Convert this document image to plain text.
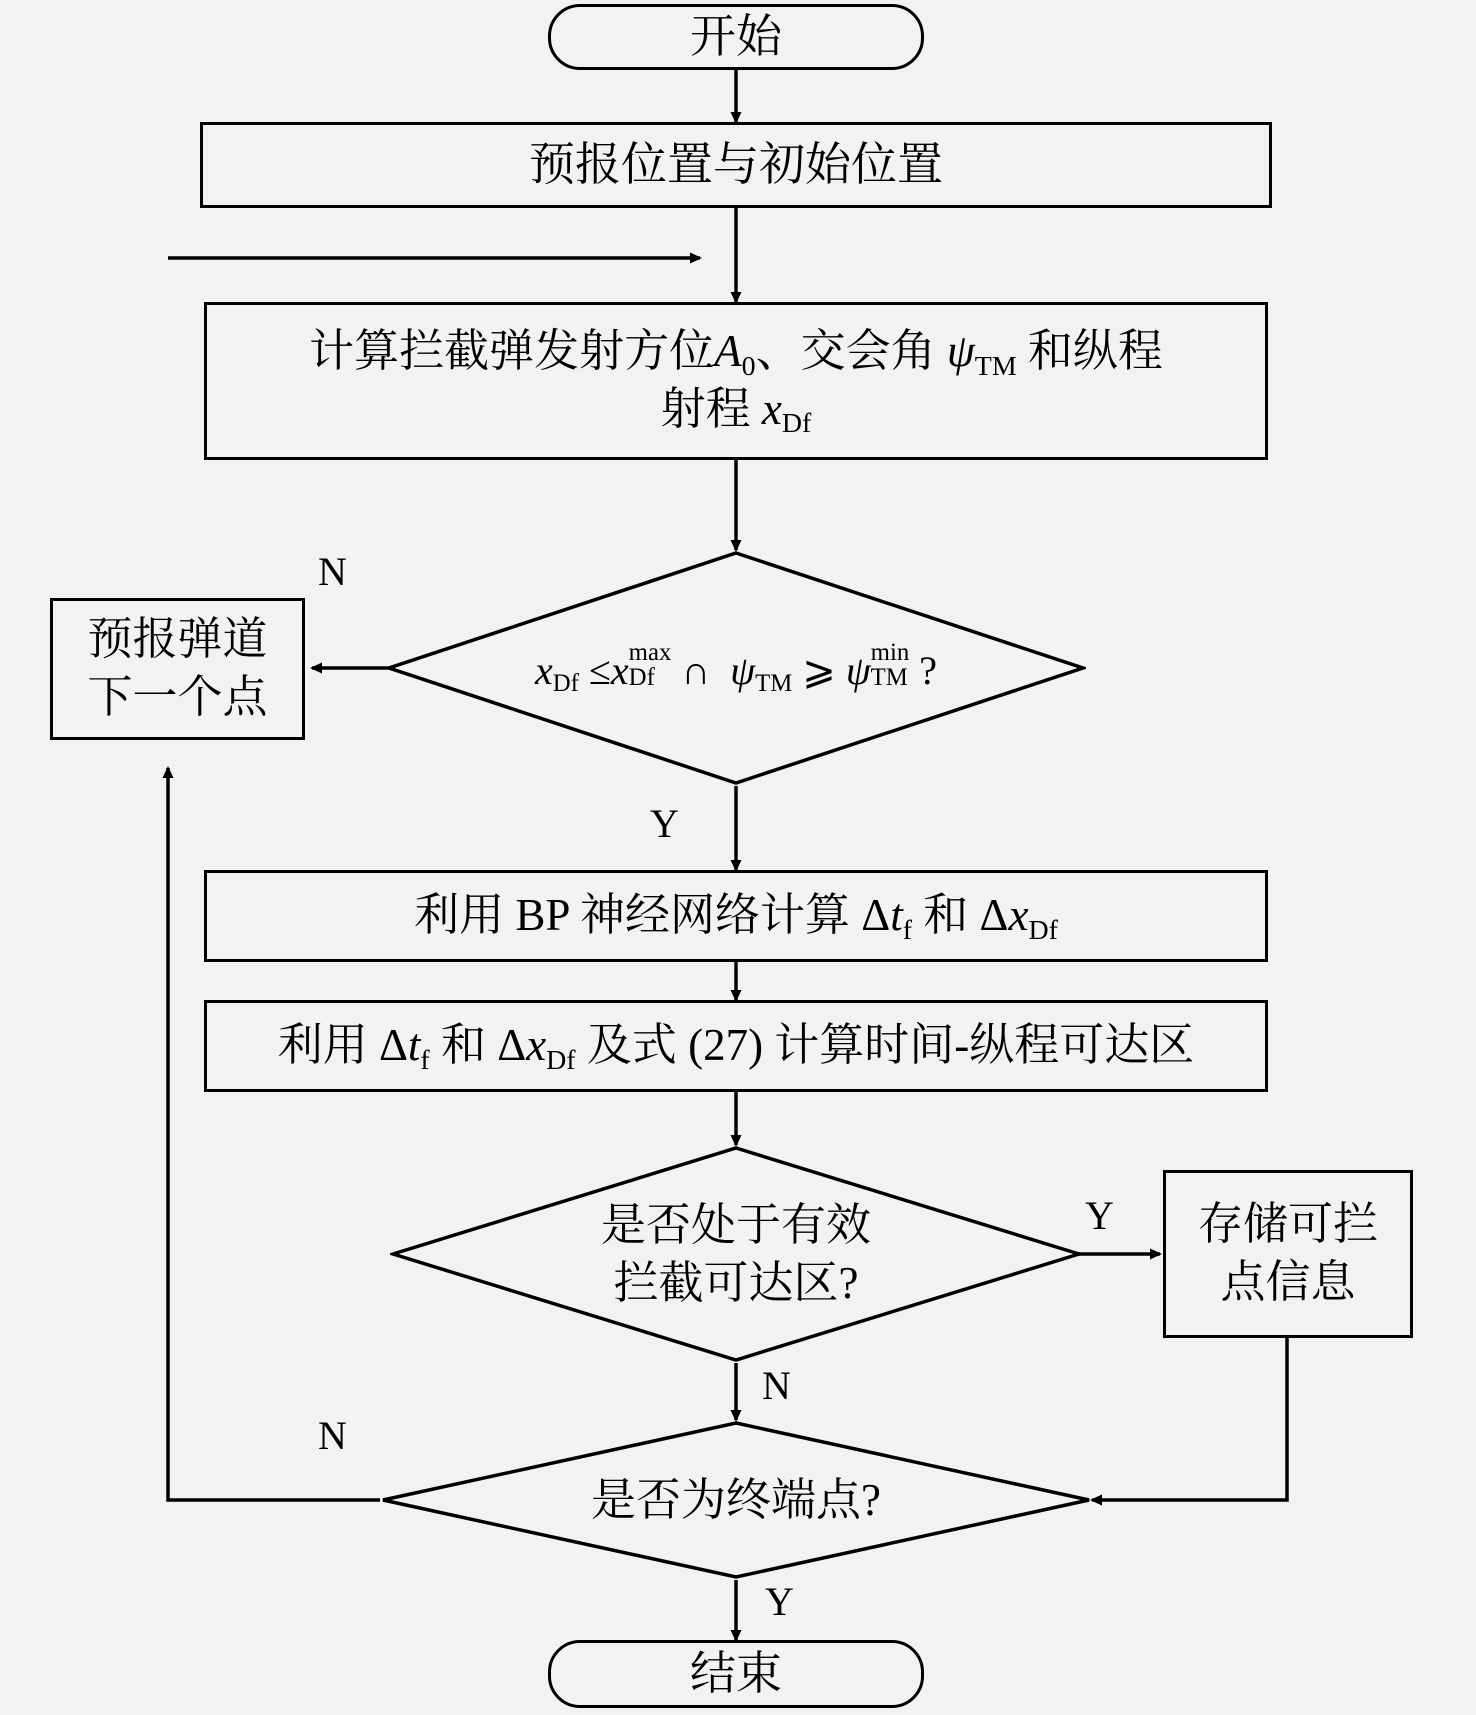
开始
预报位置与初始位置
计算拦截弹发射方位$A_0$、交会角 $\psi_{TM}$ 和纵程
射程 $x_{Df}$
预报弹道
下一个点
$x_{Df} \le x$ max
Df ∩  $\psi_{TM}$ ⩾ ψ min
TM ?
利用 BP 神经网络计算 $\Delta t_f$ 和 $\Delta x_{Df}$
利用 $\Delta t_f$ 和 $\Delta x_{Df}$ 及式 (27) 计算时间-纵程可达区
是否处于有效
拦截可达区?
存储可拦
点信息
是否为终端点?
结束
N
Y
Y
N
N
Y
